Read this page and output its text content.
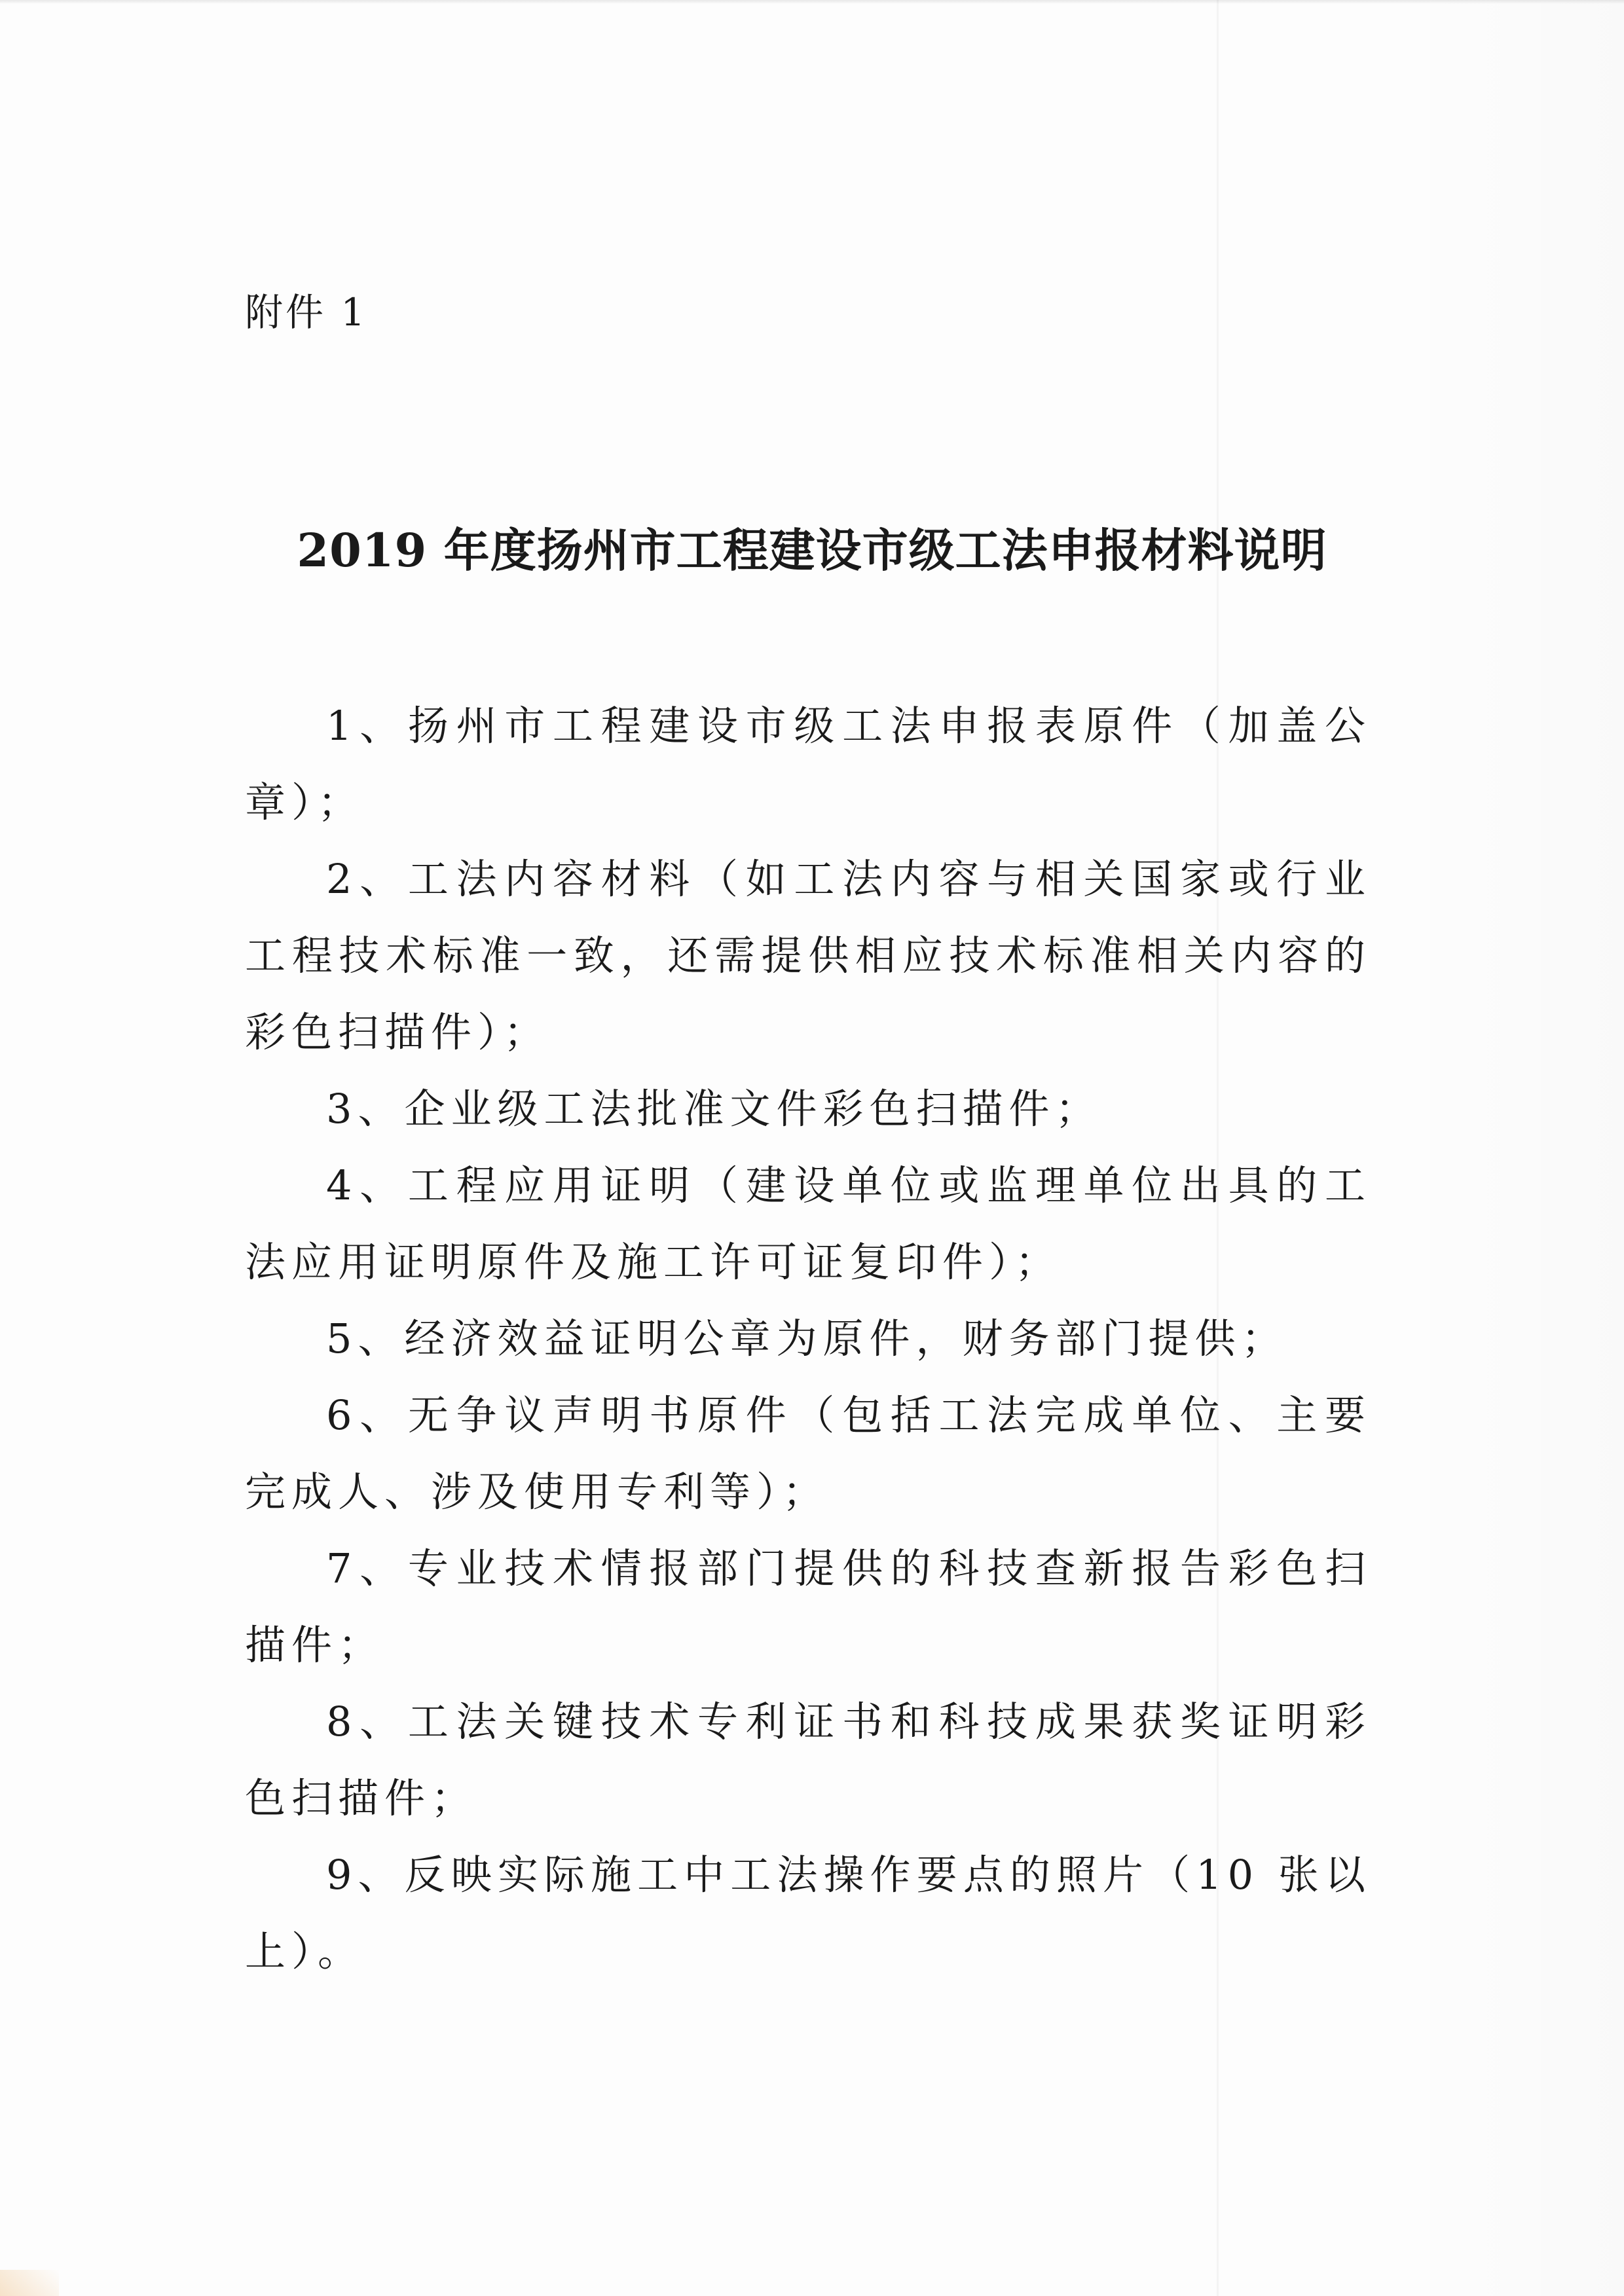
附件 1
2019 年度扬州市工程建设市级工法申报材料说明

1、扬州市工程建设市级工法申报表原件（加盖公章）；

2、工法内容材料（如工法内容与相关国家或行业工程技术标准一致，还需提供相应技术标准相关内容的彩色扫描件）；

3、企业级工法批准文件彩色扫描件；

4、工程应用证明（建设单位或监理单位出具的工法应用证明原件及施工许可证复印件）；

5、经济效益证明公章为原件，财务部门提供；

6、无争议声明书原件（包括工法完成单位、主要完成人、涉及使用专利等）；

7、专业技术情报部门提供的科技查新报告彩色扫描件；

8、工法关键技术专利证书和科技成果获奖证明彩色扫描件；

9、反映实际施工中工法操作要点的照片（10 张以上）。
